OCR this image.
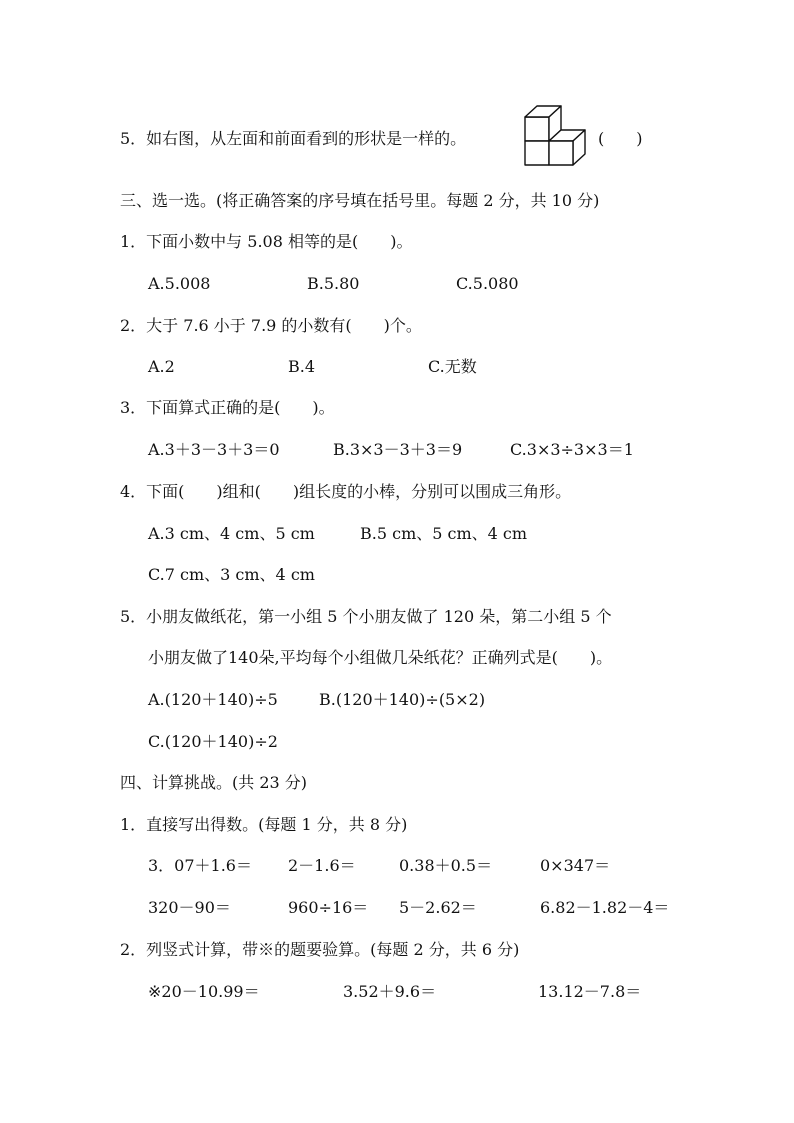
5．如右图，从左面和前面看到的形状是一样的。	(　　)
三、选一选。(将正确答案的序号填在括号里。每题 2 分，共 10 分)
1．下面小数中与 5.08 相等的是(　　)。
A.5.008	B.5.80	C.5.080
2．大于 7.6 小于 7.9 的小数有(　　)个。
A.2	B.4	C.无数
3．下面算式正确的是(　　)。
A.3＋3－3＋3＝0	B.3×3－3＋3＝9	C.3×3÷3×3＝1
4．下面(　　)组和(　　)组长度的小棒，分别可以围成三角形。
A.3 cm、4 cm、5 cm	B.5 cm、5 cm、4 cm
C.7 cm、3 cm、4 cm
5．小朋友做纸花，第一小组 5 个小朋友做了 120 朵，第二小组 5 个
小朋友做了140朵,平均每个小组做几朵纸花？正确列式是(　　)。
A.(120＋140)÷5	B.(120＋140)÷(5×2)
C.(120＋140)÷2
四、计算挑战。(共 23 分)
1．直接写出得数。(每题 1 分，共 8 分)
3．07＋1.6＝ 2－1.6＝	0.38＋0.5＝	0×347＝
320－90＝	960÷16＝ 5－2.62＝	6.82－1.82－4＝
2．列竖式计算，带※的题要验算。(每题 2 分，共 6 分)
※20－10.99＝	3.52＋9.6＝	13.12－7.8＝
